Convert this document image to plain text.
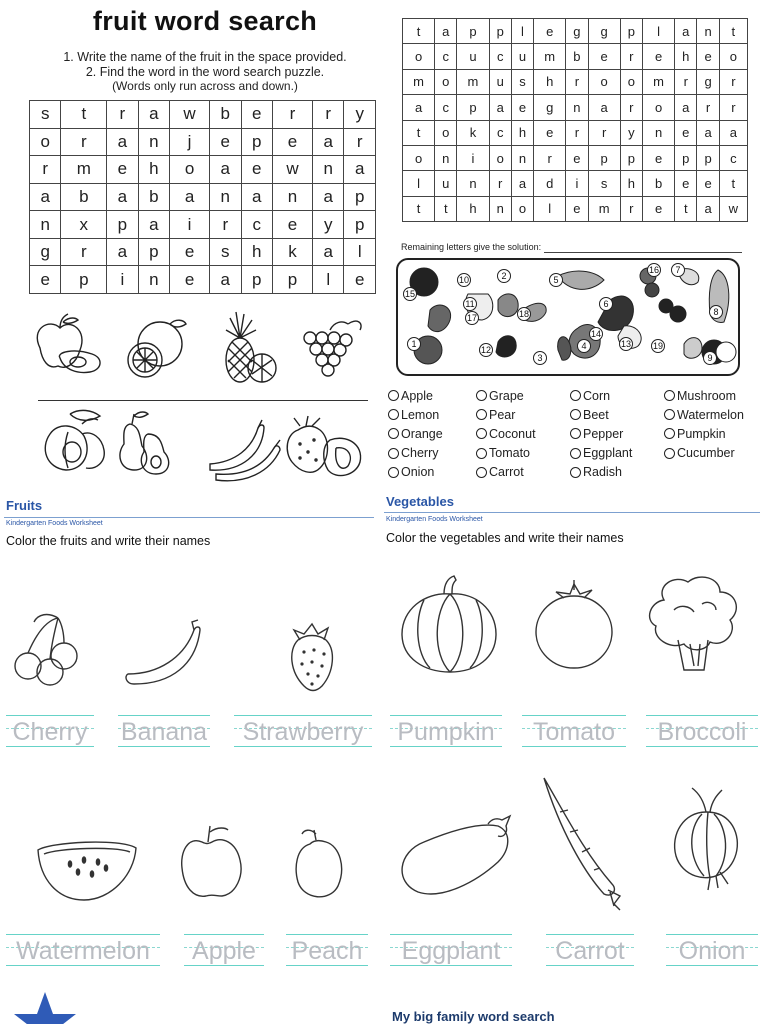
fruit word search
1. Write the name of the fruit in the space provided.
2. Find the word in the word search puzzle.
(Words only run across and down.)
s	t	r	a	w	b	e	r	r	y
o	r	a	n	j	e	p	e	a	r
r	m	e	h	o	a	e	w	n	a
a	b	a	b	a	n	a	n	a	p
n	x	p	a	i	r	c	e	y	p
g	r	a	p	e	s	h	k	a	l
e	p	i	n	e	a	p	p	l	e
t	a	p	p	l	e	g	g	p	l	a	n	t
o	c	u	c	u	m	b	e	r	e	h	e	o
m	o	m	u	s	h	r	o	o	m	r	g	r
a	c	p	a	e	g	n	a	r	o	a	r	r
t	o	k	c	h	e	r	r	y	n	e	a	a
o	n	i	o	n	r	e	p	p	e	p	p	c
l	u	n	r	a	d	i	s	h	b	e	e	t
t	t	h	n	o	l	e	m	r	e	t	a	w
Remaining letters give the solution:
1
2
3
4
5
6
7
8
9
10
11
12
13
14
15
16
17	18
19
Apple
Lemon
Orange
Cherry
Onion
Grape
Pear
Coconut
Tomato
Carrot
Corn
Beet
Pepper
Eggplant
Radish
Mushroom
Watermelon
Pumpkin
Cucumber
Fruits
Kindergarten Foods Worksheet
Color the fruits and write their names
Cherry	Banana	Strawberry
Watermelon	Apple	Peach
Vegetables
Kindergarten Foods Worksheet
Color the vegetables and write their names
Pumpkin	Tomato	Broccoli
Eggplant	Carrot	Onion
My big family word search
